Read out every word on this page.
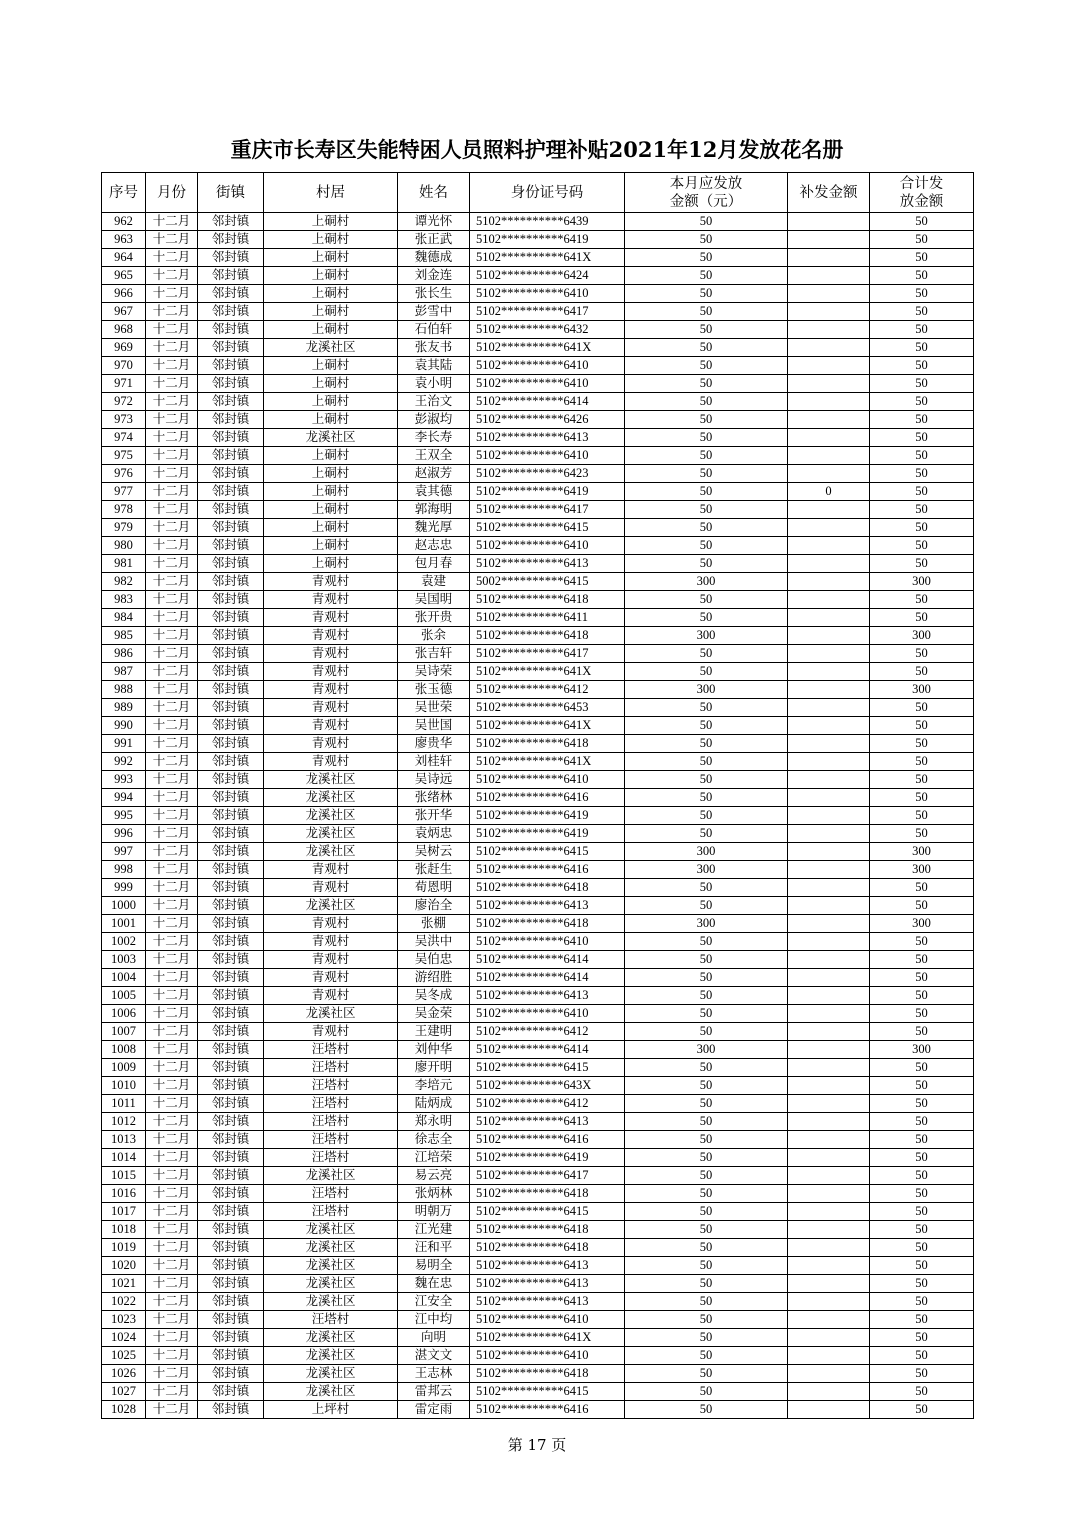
重庆市长寿区失能特困人员照料护理补贴2021年12月发放花名册
序号	月份	街镇	村居	姓名	身份证号码	本月应发放金额（元）	补发金额	合计发放金额
962	十二月	邻封镇	上硐村	谭光怀	5102**********6439	50		50
963	十二月	邻封镇	上硐村	张正武	5102**********6419	50		50
964	十二月	邻封镇	上硐村	魏德成	5102**********641X	50		50
965	十二月	邻封镇	上硐村	刘金连	5102**********6424	50		50
966	十二月	邻封镇	上硐村	张长生	5102**********6410	50		50
967	十二月	邻封镇	上硐村	彭雪中	5102**********6417	50		50
968	十二月	邻封镇	上硐村	石伯轩	5102**********6432	50		50
969	十二月	邻封镇	龙溪社区	张友书	5102**********641X	50		50
970	十二月	邻封镇	上硐村	袁其陆	5102**********6410	50		50
971	十二月	邻封镇	上硐村	袁小明	5102**********6410	50		50
972	十二月	邻封镇	上硐村	王治文	5102**********6414	50		50
973	十二月	邻封镇	上硐村	彭淑均	5102**********6426	50		50
974	十二月	邻封镇	龙溪社区	李长寿	5102**********6413	50		50
975	十二月	邻封镇	上硐村	王双全	5102**********6410	50		50
976	十二月	邻封镇	上硐村	赵淑芳	5102**********6423	50		50
977	十二月	邻封镇	上硐村	袁其德	5102**********6419	50	0	50
978	十二月	邻封镇	上硐村	郭海明	5102**********6417	50		50
979	十二月	邻封镇	上硐村	魏光厚	5102**********6415	50		50
980	十二月	邻封镇	上硐村	赵志忠	5102**********6410	50		50
981	十二月	邻封镇	上硐村	包月春	5102**********6413	50		50
982	十二月	邻封镇	青观村	袁建	5002**********6415	300		300
983	十二月	邻封镇	青观村	吴国明	5102**********6418	50		50
984	十二月	邻封镇	青观村	张开贵	5102**********6411	50		50
985	十二月	邻封镇	青观村	张余	5102**********6418	300		300
986	十二月	邻封镇	青观村	张吉轩	5102**********6417	50		50
987	十二月	邻封镇	青观村	吴诗荣	5102**********641X	50		50
988	十二月	邻封镇	青观村	张玉德	5102**********6412	300		300
989	十二月	邻封镇	青观村	吴世荣	5102**********6453	50		50
990	十二月	邻封镇	青观村	吴世国	5102**********641X	50		50
991	十二月	邻封镇	青观村	廖贵华	5102**********6418	50		50
992	十二月	邻封镇	青观村	刘桂轩	5102**********641X	50		50
993	十二月	邻封镇	龙溪社区	吴诗远	5102**********6410	50		50
994	十二月	邻封镇	龙溪社区	张绪林	5102**********6416	50		50
995	十二月	邻封镇	龙溪社区	张开华	5102**********6419	50		50
996	十二月	邻封镇	龙溪社区	袁炳忠	5102**********6419	50		50
997	十二月	邻封镇	龙溪社区	吴树云	5102**********6415	300		300
998	十二月	邻封镇	青观村	张赶生	5102**********6416	300		300
999	十二月	邻封镇	青观村	荀恩明	5102**********6418	50		50
1000	十二月	邻封镇	龙溪社区	廖治全	5102**********6413	50		50
1001	十二月	邻封镇	青观村	张棚	5102**********6418	300		300
1002	十二月	邻封镇	青观村	吴洪中	5102**********6410	50		50
1003	十二月	邻封镇	青观村	吴伯忠	5102**********6414	50		50
1004	十二月	邻封镇	青观村	游绍胜	5102**********6414	50		50
1005	十二月	邻封镇	青观村	吴冬成	5102**********6413	50		50
1006	十二月	邻封镇	龙溪社区	吴金荣	5102**********6410	50		50
1007	十二月	邻封镇	青观村	王建明	5102**********6412	50		50
1008	十二月	邻封镇	汪塔村	刘仲华	5102**********6414	300		300
1009	十二月	邻封镇	汪塔村	廖开明	5102**********6415	50		50
1010	十二月	邻封镇	汪塔村	李培元	5102**********643X	50		50
1011	十二月	邻封镇	汪塔村	陆炳成	5102**********6412	50		50
1012	十二月	邻封镇	汪塔村	郑永明	5102**********6413	50		50
1013	十二月	邻封镇	汪塔村	徐志全	5102**********6416	50		50
1014	十二月	邻封镇	汪塔村	江培荣	5102**********6419	50		50
1015	十二月	邻封镇	龙溪社区	易云亮	5102**********6417	50		50
1016	十二月	邻封镇	汪塔村	张炳林	5102**********6418	50		50
1017	十二月	邻封镇	汪塔村	明朝万	5102**********6415	50		50
1018	十二月	邻封镇	龙溪社区	江光建	5102**********6418	50		50
1019	十二月	邻封镇	龙溪社区	汪和平	5102**********6418	50		50
1020	十二月	邻封镇	龙溪社区	易明全	5102**********6413	50		50
1021	十二月	邻封镇	龙溪社区	魏在忠	5102**********6413	50		50
1022	十二月	邻封镇	龙溪社区	江安全	5102**********6413	50		50
1023	十二月	邻封镇	汪塔村	江中均	5102**********6410	50		50
1024	十二月	邻封镇	龙溪社区	向明	5102**********641X	50		50
1025	十二月	邻封镇	龙溪社区	湛文文	5102**********6410	50		50
1026	十二月	邻封镇	龙溪社区	王志林	5102**********6418	50		50
1027	十二月	邻封镇	龙溪社区	雷邦云	5102**********6415	50		50
1028	十二月	邻封镇	上坪村	雷定雨	5102**********6416	50		50
第 17 页
